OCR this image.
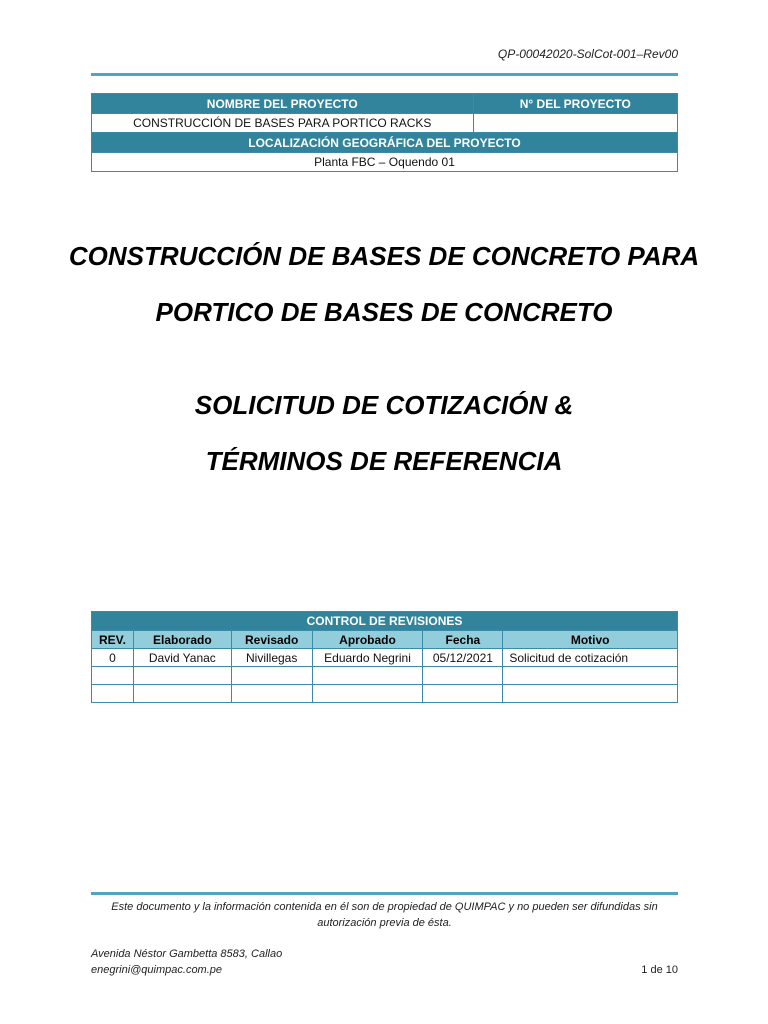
QP-00042020-SolCot-001–Rev00
NOMBRE DEL PROYECTO	N° DEL PROYECTO
CONSTRUCCIÓN DE BASES PARA PORTICO RACKS	
LOCALIZACIÓN GEOGRÁFICA DEL PROYECTO	
Planta FBC – Oquendo 01	
CONSTRUCCIÓN DE BASES DE CONCRETO PARA
PORTICO DE BASES DE CONCRETO
SOLICITUD DE COTIZACIÓN &
TÉRMINOS DE REFERENCIA
CONTROL DE REVISIONES					
REV.	Elaborado	Revisado	Aprobado	Fecha	Motivo
0	David Yanac	Nivillegas	Eduardo Negrini	05/12/2021	Solicitud de cotización

Este documento y la información contenida en él son de propiedad de QUIMPAC y no pueden ser difundidas sin autorización previa de ésta.
Avenida Néstor Gambetta 8583, Callao
enegrini@quimpac.com.pe	1 de 10
